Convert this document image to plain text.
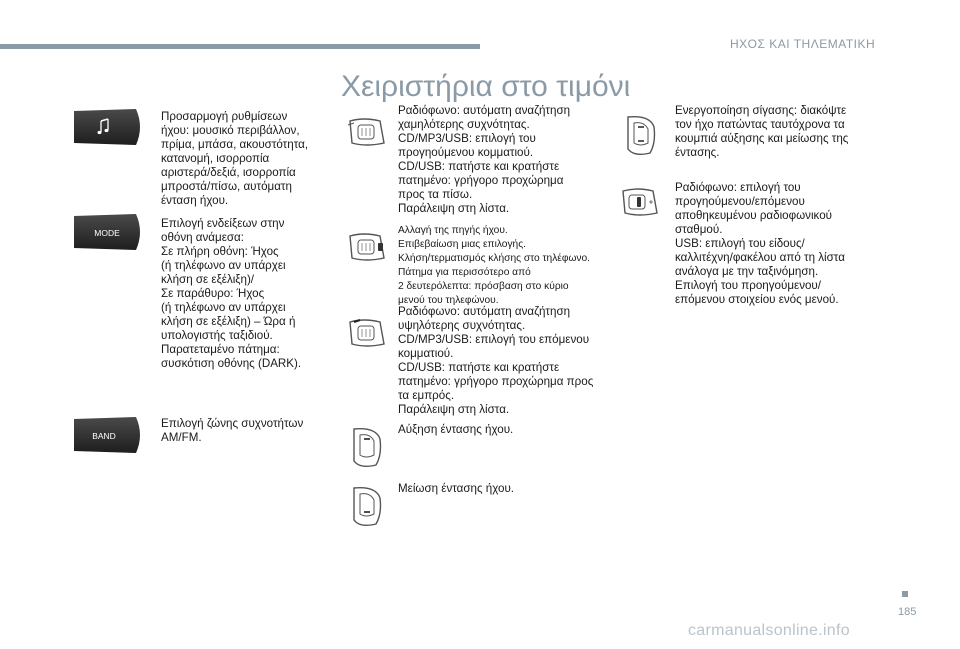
ΗΧΟΣ ΚΑΙ ΤΗΛΕΜΑΤΙΚΗ
Χειριστήρια στο τιμόνι
MODE
BAND

Προσαρμογή ρυθμίσεων
ήχου: μουσικό περιβάλλον,
πρίμα, μπάσα, ακουστότητα,
κατανομή, ισορροπία
αριστερά/δεξιά, ισορροπία
μπροστά/πίσω, αυτόματη
ένταση ήχου.

Επιλογή ενδείξεων στην
οθόνη ανάμεσα:
Σε πλήρη οθόνη: Ήχος
(ή τηλέφωνο αν υπάρχει
κλήση σε εξέλιξη)/
Σε παράθυρο: Ήχος
(ή τηλέφωνο αν υπάρχει
κλήση σε εξέλιξη) – Ώρα ή
υπολογιστής ταξιδιού.
Παρατεταμένο πάτημα:
συσκότιση οθόνης (DARK).

Επιλογή ζώνης συχνοτήτων
AM/FM.

Ραδιόφωνο: αυτόματη αναζήτηση
χαμηλότερης συχνότητας.
CD/MP3/USB: επιλογή του
προγηούμενου κομματιού.
CD/USB: πατήστε και κρατήστε
πατημένο: γρήγορο προχώρημα
προς τα πίσω.
Παράλειψη στη λίστα.

Αλλαγή της πηγής ήχου.
Επιβεβαίωση μιας επιλογής.
Κλήση/τερματισμός κλήσης στο τηλέφωνο.
Πάτημα για περισσότερο από
2 δευτερόλεπτα: πρόσβαση στο κύριο
μενού του τηλεφώνου.

Ραδιόφωνο: αυτόματη αναζήτηση
υψηλότερης συχνότητας.
CD/MP3/USB: επιλογή του επόμενου
κομματιού.
CD/USB: πατήστε και κρατήστε
πατημένο: γρήγορο προχώρημα προς
τα εμπρός.
Παράλειψη στη λίστα.

Αύξηση έντασης ήχου.

Μείωση έντασης ήχου.

Ενεργοποίηση σίγασης: διακόψτε
τον ήχο πατώντας ταυτόχρονα τα
κουμπιά αύξησης και μείωσης της
έντασης.

Ραδιόφωνο: επιλογή του
προγηούμενου/επόμενου
αποθηκευμένου ραδιοφωνικού
σταθμού.
USB: επιλογή του είδους/
καλλιτέχνη/φακέλου από τη λίστα
ανάλογα με την ταξινόμηση.
Επιλογή του προηγούμενου/
επόμενου στοιχείου ενός μενού.

185
carmanualsonline.info
